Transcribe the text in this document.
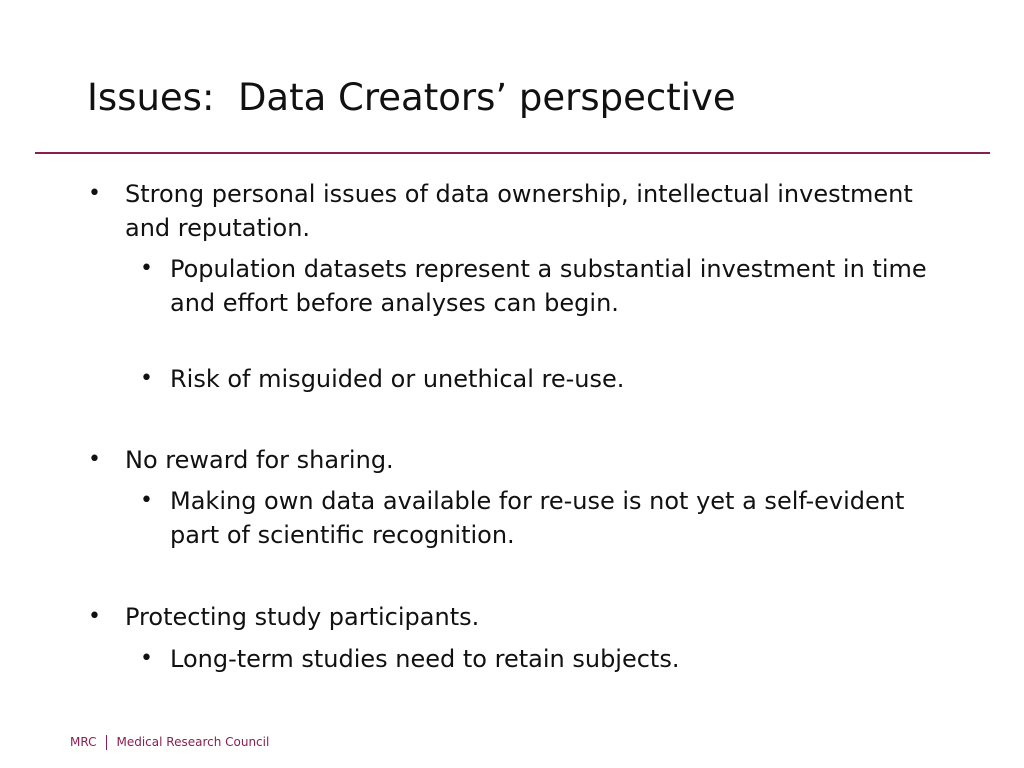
Issues:  Data Creators’ perspective
• Strong personal issues of data ownership, intellectual investment and reputation.
• Population datasets represent a substantial investment in time and effort before analyses can begin.
• Risk of misguided or unethical re-use.
• No reward for sharing.
• Making own data available for re-use is not yet a self-evident part of scientific recognition.
• Protecting study participants.
• Long-term studies need to retain subjects.
MRC Medical Research Council
